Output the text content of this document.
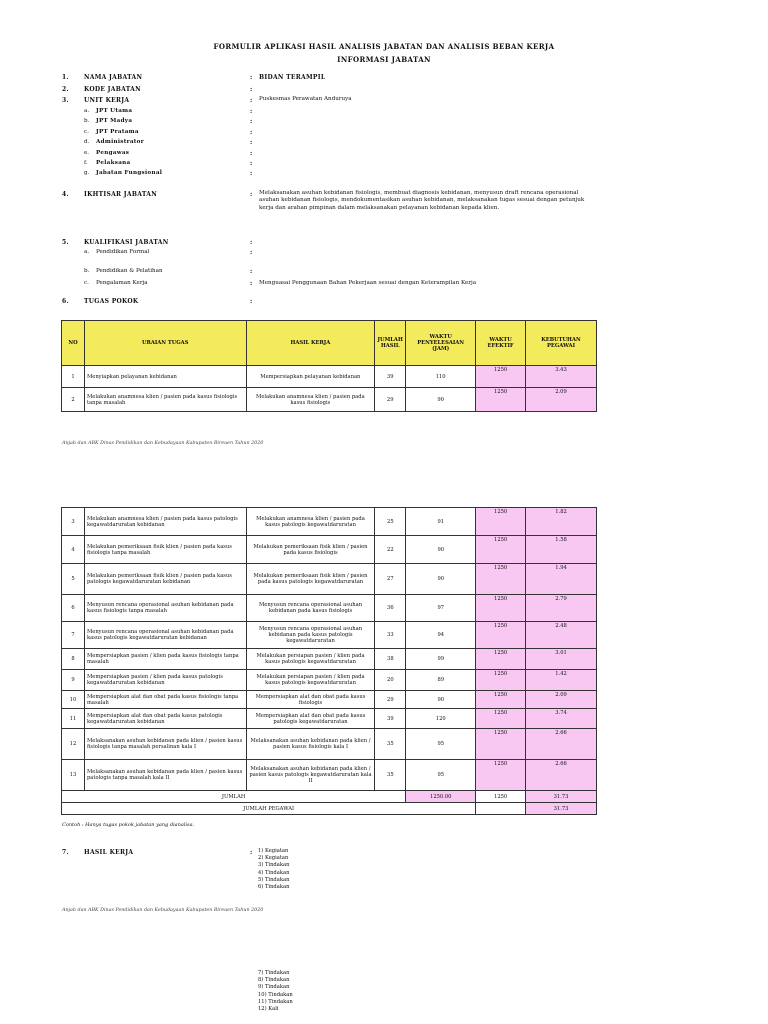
FORMULIR APLIKASI HASIL ANALISIS JABATAN DAN ANALISIS BEBAN KERJA
INFORMASI JABATAN
1.	NAMA JABATAN	: BIDAN TERAMPIL
2.	KODE JABATAN	:
3.	UNIT KERJA	: Puskesmas Perawatan Anduruya
a. JPT Utama	:
b. JPT Madya	:
c. JPT Pratama	:
d. Administrator	:
e. Pengawas	:
f. Pelaksana	:
g. Jabatan Fungsional	:
4.	IKHTISAR JABATAN	: Melaksanakan asuhan kebidanan fisiologis, membuat diagnosis kebidanan, menyusun draft rencana operasional asuhan kebidanan fisiologis, mendokumentasikan asuhan kebidanan, melaksanakan tugas sesuai dengan petunjuk kerja dan arahan pimpinan dalam melaksanakan pelayanan kebidanan kepada klien.
5.	KUALIFIKASI JABATAN	:
a. Pendidikan Formal	:
b. Pendidikan & Pelatihan	:
c. Pengalaman Kerja	: Menguasai Penggunaan Bahan Pekerjaan sesuai dengan Keterampilan Kerja
6.	TUGAS POKOK	:
NO	URAIAN TUGAS	HASIL KERJA	JUMLAH HASIL	WAKTU PENYELESAIAN (JAM)	WAKTU EFEKTIF	KEBUTUHAN PEGAWAI
1	Menyiapkan pelayanan kebidanan	Mempersiapkan pelayanan kebidanan	39	110	1250	3.43
2	Melakukan anamnesa klien / pasien pada kasus fisiologis tanpa masalah	Melakukan anamnesa klien / pasien pada kasus fisiologis	29	90	1250	2.09
Anjab dan ABK Dinas Pendidikan dan Kebudayaan Kabupaten Bireuen Tahun 2020
3	Melakukan anamnesa klien / pasien pada kasus patologis kegawatdaruratan kebidanan	Melakukan anamnesa klien / pasien pada kasus patologis kegawatdaruratan	25	91	1250	1.82
4	Melakukan pemeriksaan fisik klien / pasien pada kasus fisiologis tanpa masalah	Melakukan pemeriksaan fisik klien / pasien pada kasus fisiologis	22	90	1250	1.58
5	Melakukan pemeriksaan fisik klien / pasien pada kasus patologis kegawatdaruratan kebidanan	Melakukan pemeriksaan fisik klien / pasien pada kasus patologis kegawatdaruratan	27	90	1250	1.94
6	Menyusun rencana operasional asuhan kebidanan pada kasus fisiologis tanpa masalah	Menyusun rencana operasional asuhan kebidanan pada kasus fisiologis	36	97	1250	2.79
7	Menyusun rencana operasional asuhan kebidanan pada kasus patologis kegawatdaruratan kebidanan	Menyusun rencana operasional asuhan kebidanan pada kasus patologis kegawatdaruratan	33	94	1250	2.48
8	Mempersiapkan pasien / klien pada kasus fisiologis tanpa masalah	Melakukan persiapan pasien / klien pada kasus patologis kegawatdaruratan	38	99	1250	3.01
9	Mempersiapkan pasien / klien pada kasus patologis kegawatdaruratan kebidanan	Melakukan persiapan pasien / klien pada kasus patologis kegawatdaruratan	20	89	1250	1.42
10	Mempersiapkan alat dan obat pada kasus fisiologis tanpa masalah	Mempersiapkan alat dan obat pada kasus fisiologis	29	90	1250	2.09
11	Mempersiapkan alat dan obat pada kasus patologis kegawatdaruratan kebidanan	Mempersiapkan alat dan obat pada kasus patologis kegawatdaruratan	39	120	1250	3.74
12	Melaksanakan asuhan kebidanan pada klien / pasien kasus fisiologis tanpa masalah persalinan kala I	Melaksanakan asuhan kebidanan pada klien / pasien kasus fisiologis kala I	35	95	1250	2.66
13	Melaksanakan asuhan kebidanan pada klien / pasien kasus patologis tanpa masalah kala II	Melaksanakan asuhan kebidanan pada klien / pasien kasus patologis kegawatdaruratan kala II	35	95	1250	2.66
JUMLAH				1250.00	1250	31.73
JUMLAH PEGAWAI						31.73
Contoh : Hanya tugas pokok jabatan yang dianalisa.
7.	HASIL KERJA	: 1) Kegiatan
2) Kegiatan
3) Tindakan
4) Tindakan
5) Tindakan
6) Tindakan
Anjab dan ABK Dinas Pendidikan dan Kebudayaan Kabupaten Bireuen Tahun 2020
7) Tindakan
8) Tindakan
9) Tindakan
10) Tindakan
11) Tindakan
12) Kali
